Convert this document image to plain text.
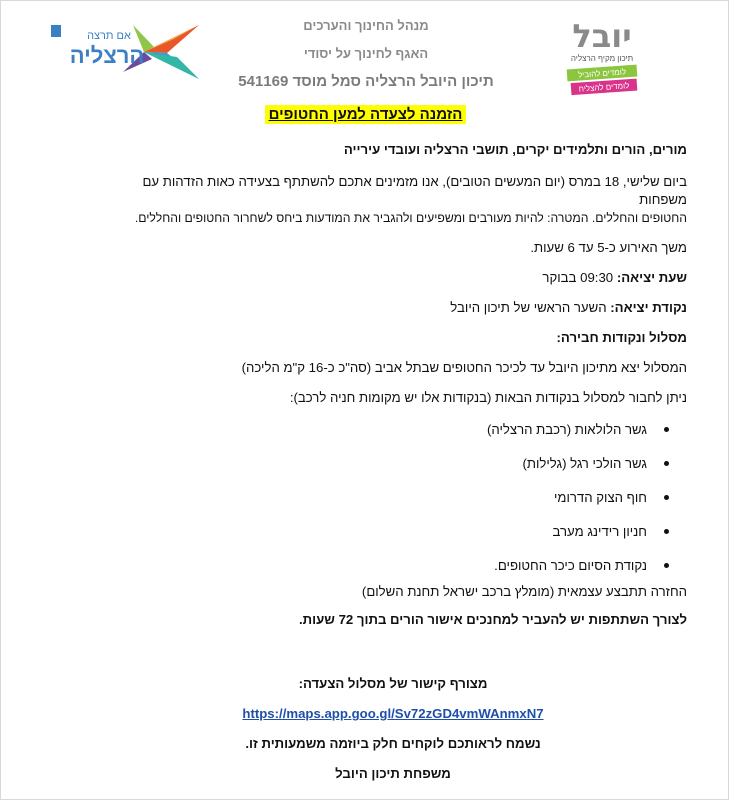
אם תרצה
הרצליה
מנהל החינוך והערכים
האגף לחינוך על יסודי
תיכון היובל הרצליה סמל מוסד 541169
יובל
תיכון מקיף הרצליה
לומדים להוביל
לומדים להצליח
הזמנה לצעדה למען החטופים

מורים, הורים ותלמידים יקרים, תושבי הרצליה ועובדי עירייה

ביום שלישי, 18 במרס (יום המעשים הטובים), אנו מזמינים אתכם להשתתף בצעידה כאות הזדהות עם משפחות

החטופים והחללים. המטרה: להיות מעורבים ומשפיעים ולהגביר את המודעות ביחס לשחרור החטופים והחללים.

משך האירוע כ-5 עד 6 שעות.

שעת יציאה: 09:30 בבוקר

נקודת יציאה: השער הראשי של תיכון היובל

מסלול ונקודות חבירה:

המסלול יצא מתיכון היובל עד לכיכר החטופים שבתל אביב (סה"כ כ-16 ק"מ הליכה)

ניתן לחבור למסלול בנקודות הבאות (בנקודות אלו יש מקומות חניה לרכב):

גשר הלולאות (רכבת הרצליה)
גשר הולכי רגל (גלילות)
חוף הצוק הדרומי
חניון רידינג מערב
נקודת הסיום כיכר החטופים.

החזרה תתבצע עצמאית (מומלץ ברכב ישראל תחנת השלום)

לצורך השתתפות יש להעביר למחנכים אישור הורים בתוך 72 שעות.

מצורף קישור של מסלול הצעדה:

https://maps.app.goo.gl/Sv72zGD4vmWAnmxN7

נשמח לראותכם לוקחים חלק ביוזמה משמעותית זו.

משפחת תיכון היובל
